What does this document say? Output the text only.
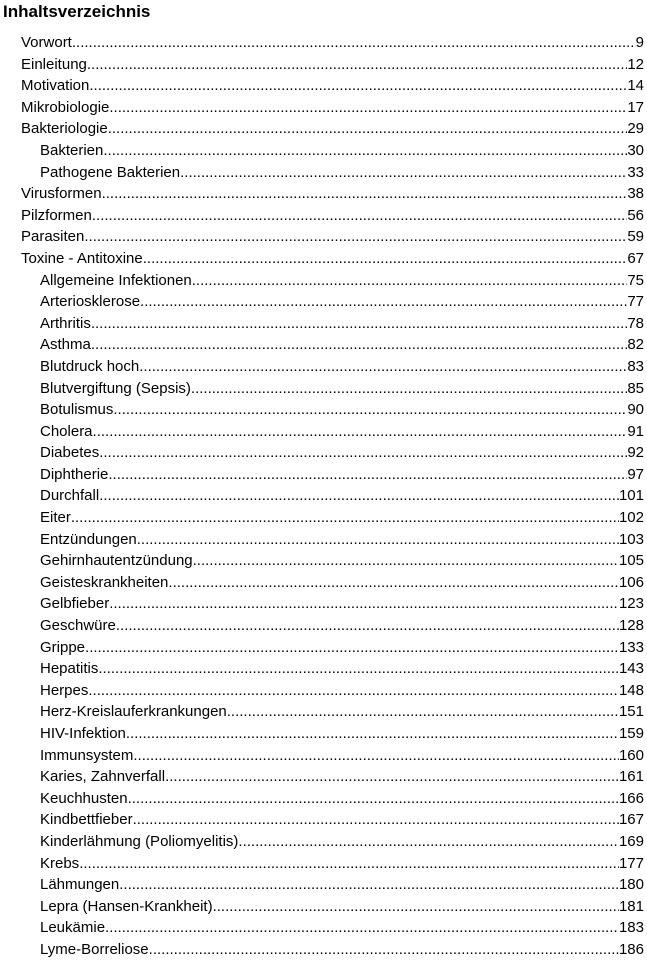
Inhaltsverzeichnis
Vorwort .....	9
Einleitung .....	12
Motivation .....	14
Mikrobiologie .....	17
Bakteriologie .....	29
Bakterien .....	30
Pathogene Bakterien .....	33
Virusformen .....	38
Pilzformen .....	56
Parasiten .....	59
Toxine - Antitoxine .....	67
Allgemeine Infektionen .....	75
Arteriosklerose .....	77
Arthritis .....	78
Asthma .....	82
Blutdruck hoch .....	83
Blutvergiftung (Sepsis) .....	85
Botulismus .....	90
Cholera .....	91
Diabetes .....	92
Diphtherie .....	97
Durchfall .....	101
Eiter .....	102
Entzündungen .....	103
Gehirnhautentzündung .....	105
Geisteskrankheiten .....	106
Gelbfieber .....	123
Geschwüre .....	128
Grippe .....	133
Hepatitis .....	143
Herpes .....	148
Herz-Kreislauferkrankungen .....	151
HIV-Infektion .....	159
Immunsystem .....	160
Karies, Zahnverfall .....	161
Keuchhusten .....	166
Kindbettfieber .....	167
Kinderlähmung (Poliomyelitis) .....	169
Krebs .....	177
Lähmungen .....	180
Lepra (Hansen-Krankheit) .....	181
Leukämie .....	183
Lyme-Borreliose .....	186
